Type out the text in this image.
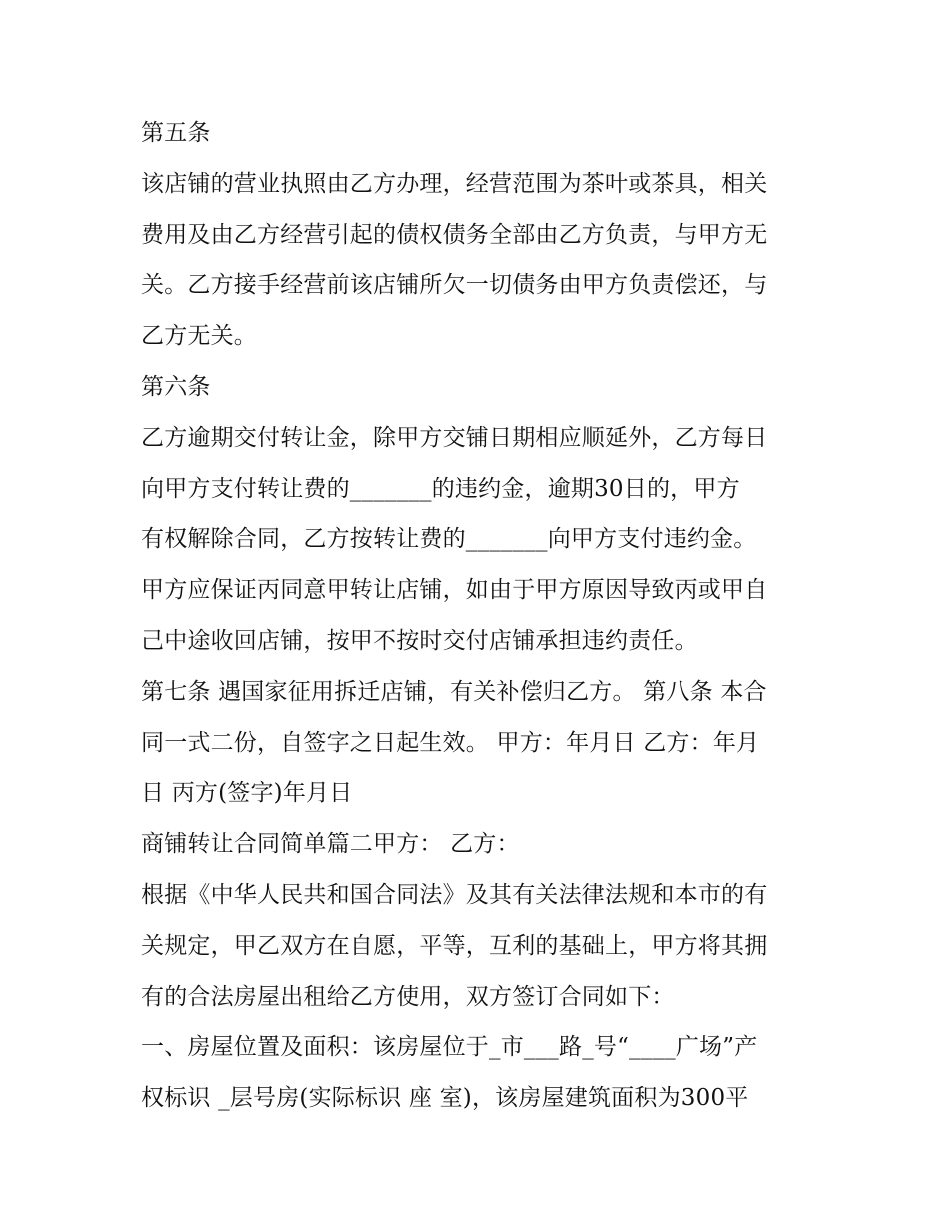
第五条
该店铺的营业执照由乙方办理，经营范围为茶叶或茶具，相关
费用及由乙方经营引起的债权债务全部由乙方负责，与甲方无
关。乙方接手经营前该店铺所欠一切债务由甲方负责偿还，与
乙方无关。
第六条
乙方逾期交付转让金，除甲方交铺日期相应顺延外，乙方每日
向甲方支付转让费的_______的违约金，逾期30日的，甲方
有权解除合同，乙方按转让费的_______向甲方支付违约金。
甲方应保证丙同意甲转让店铺，如由于甲方原因导致丙或甲自
己中途收回店铺，按甲不按时交付店铺承担违约责任。
第七条 遇国家征用拆迁店铺，有关补偿归乙方。 第八条 本合
同一式二份，自签字之日起生效。 甲方：年月日 乙方：年月
日 丙方(签字)年月日
商铺转让合同简单篇二甲方： 乙方：
根据《中华人民共和国合同法》及其有关法律法规和本市的有
关规定，甲乙双方在自愿，平等，互利的基础上，甲方将其拥
有的合法房屋出租给乙方使用，双方签订合同如下：
一、房屋位置及面积：该房屋位于_市___路_号“____广场”产
权标识 _层号房(实际标识 座 室)，该房屋建筑面积为300平
